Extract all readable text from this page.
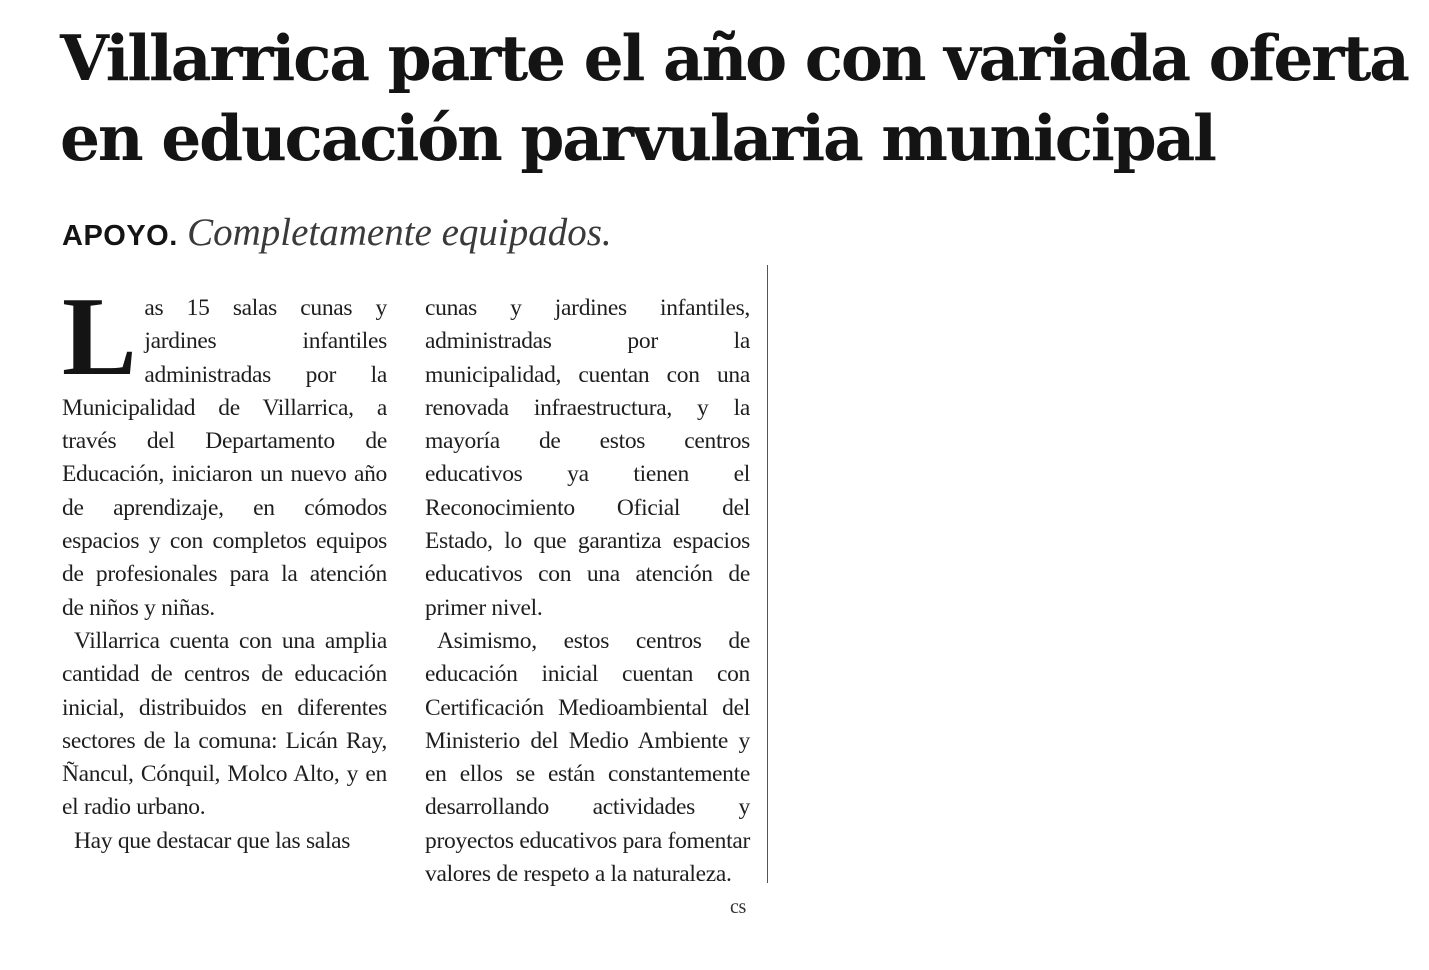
Villarrica parte el año con variada oferta
en educación parvularia municipal
APOYO. Completamente equipados.

Las 15 salas cunas y jardines infantiles administradas por la Municipalidad de Villarrica, a través del Departamento de Educación, iniciaron un nuevo año de aprendizaje, en cómodos espacios y con completos equipos de profesionales para la atención de niños y niñas.

Villarrica cuenta con una amplia cantidad de centros de educación inicial, distribuidos en diferentes sectores de la comuna: Licán Ray, Ñancul, Cónquil, Molco Alto, y en el radio urbano.

Hay que destacar que las salas

cunas y jardines infantiles, administradas por la municipalidad, cuentan con una renovada infraestructura, y la mayoría de estos centros educativos ya tienen el Reconocimiento Oficial del Estado, lo que garantiza espacios educativos con una atención de primer nivel.

Asimismo, estos centros de educación inicial cuentan con Certificación Medioambiental del Ministerio del Medio Ambiente y en ellos se están constantemente desarrollando actividades y proyectos educativos para fomentar valores de respeto a la naturaleza.
cs
